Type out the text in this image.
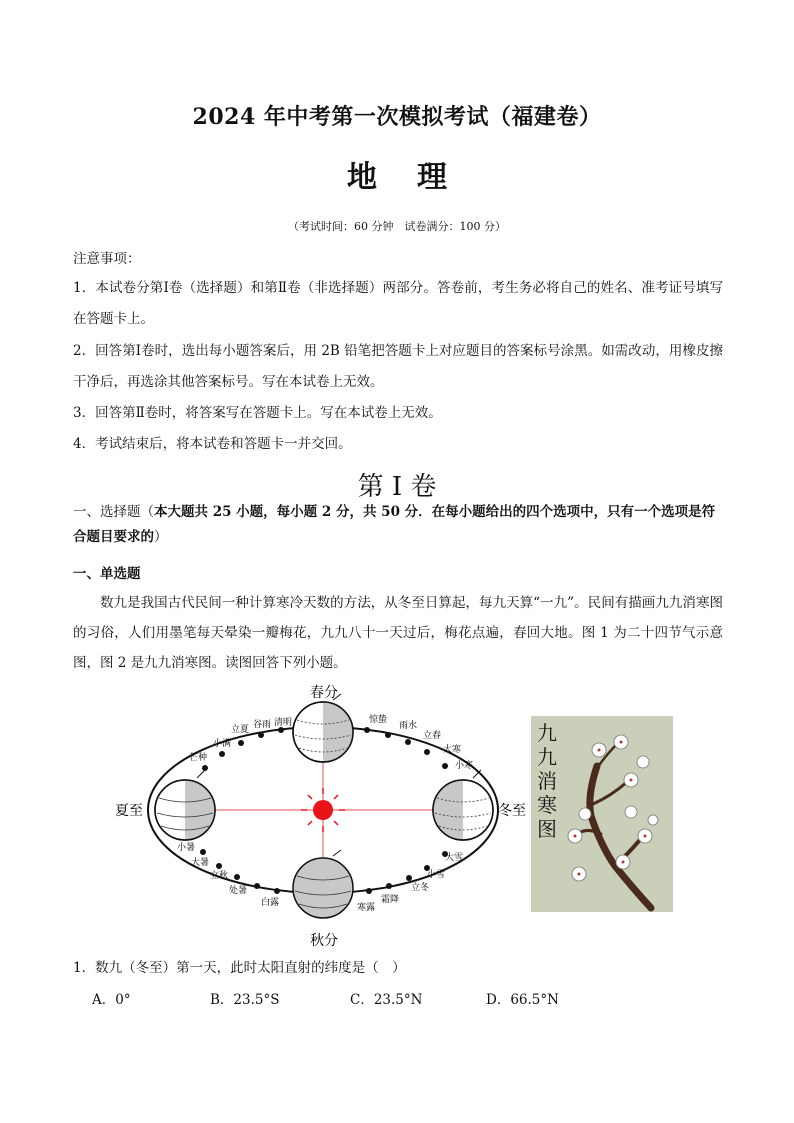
2024 年中考第一次模拟考试（福建卷）
地理
（考试时间：60 分钟　试卷满分：100 分）
注意事项：
1．本试卷分第Ⅰ卷（选择题）和第Ⅱ卷（非选择题）两部分。答卷前，考生务必将自己的姓名、准考证号填写在答题卡上。
2．回答第Ⅰ卷时，选出每小题答案后，用 2B 铅笔把答题卡上对应题目的答案标号涂黑。如需改动，用橡皮擦干净后，再选涂其他答案标号。写在本试卷上无效。
3．回答第Ⅱ卷时，将答案写在答题卡上。写在本试卷上无效。
4．考试结束后，将本试卷和答题卡一并交回。
第 I 卷
一、选择题（本大题共 25 小题，每小题 2 分，共 50 分．在每小题给出的四个选项中，只有一个选项是符合题目要求的）
一、单选题
数九是我国古代民间一种计算寒冷天数的方法，从冬至日算起，每九天算“一九”。民间有描画九九消寒图的习俗，人们用墨笔每天晕染一瓣梅花，九九八十一天过后，梅花点遍，春回大地。图 1 为二十四节气示意图，图 2 是九九消寒图。读图回答下列小题。
春分
夏至	冬至
秋分
立夏 谷雨 清明
小满
芒种
惊蛰
雨水
立春
大寒
小寒
小暑
大暑
立秋
处暑
白露
大雪
小雪
立冬
霜降
寒露
九
九
消
寒
图
1．数九（冬至）第一天，此时太阳直射的纬度是（　）
A．0°	B．23.5°S	C．23.5°N	D．66.5°N
